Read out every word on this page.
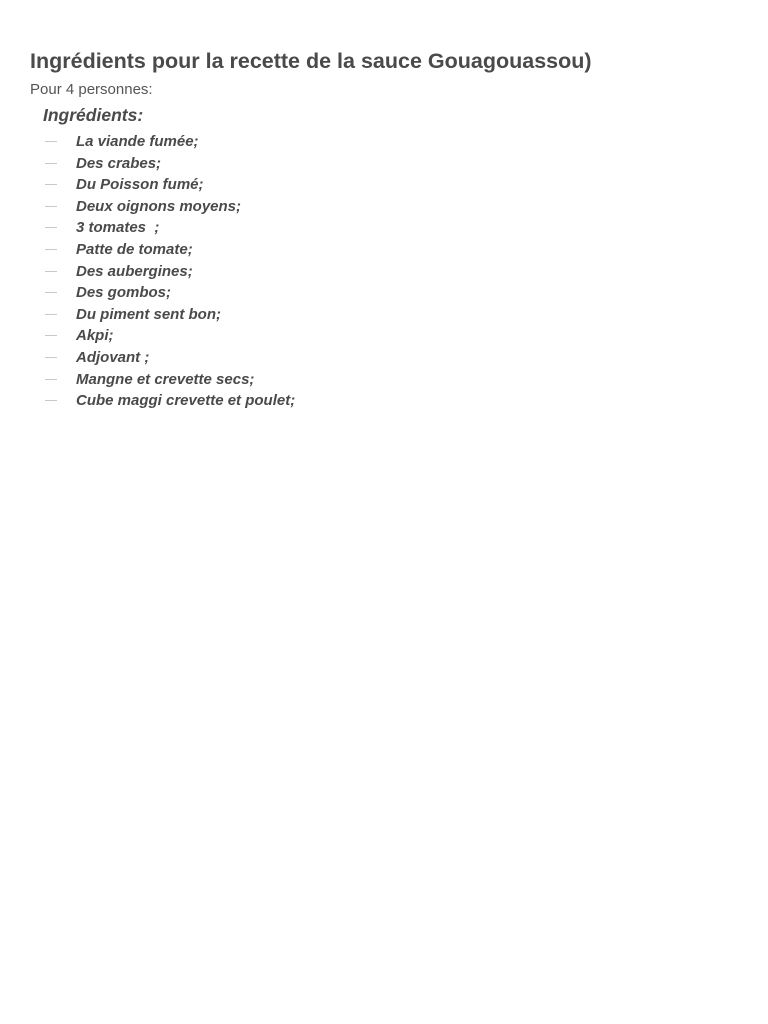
Ingrédients pour la recette de la sauce Gouagouassou)

Pour 4 personnes:

Ingrédients:
La viande fumée;
Des crabes;
Du Poisson fumé;
Deux oignons moyens;
3 tomates  ;
Patte de tomate;
Des aubergines;
Des gombos;
Du piment sent bon;
Akpi;
Adjovant ;
Mangne et crevette secs;
Cube maggi crevette et poulet;
